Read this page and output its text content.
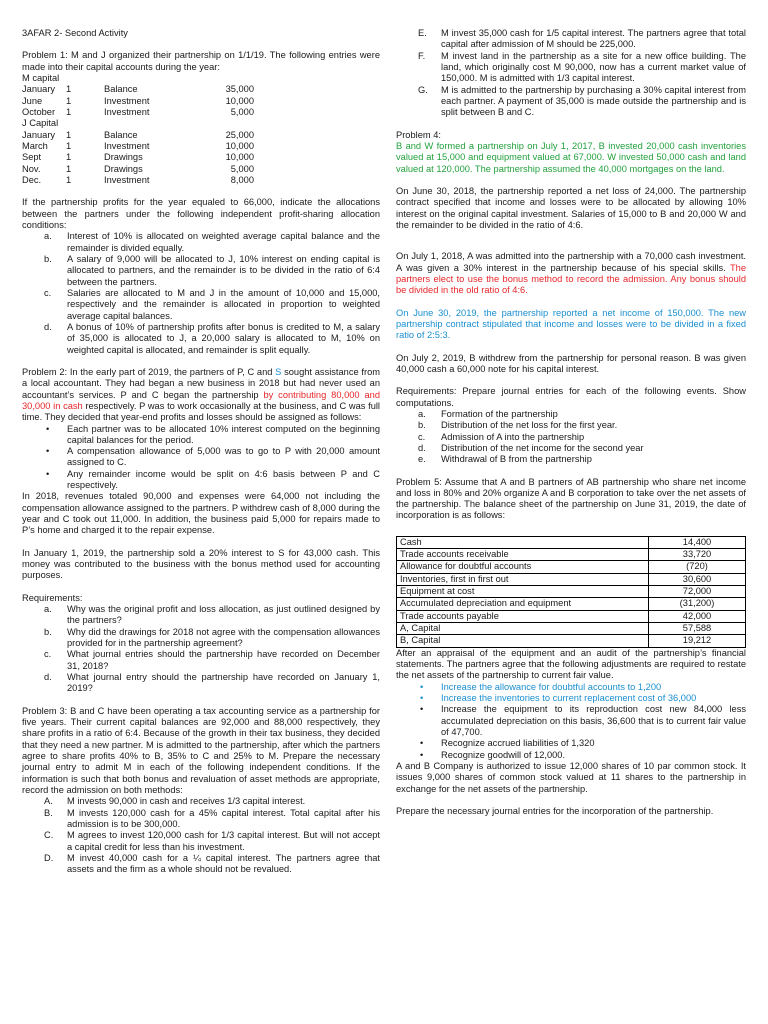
3AFAR 2- Second Activity

Problem 1: M and J organized their partnership on 1/1/19. The following entries were made into their capital accounts during the year:

M capital
January	1	Balance	35,000
June	1	Investment	10,000
October	1	Investment	5,000
J Capital
January	1	Balance	25,000
March	1	Investment	10,000
Sept	1	Drawings	10,000
Nov.	1	Drawings	5,000
Dec.	1	Investment	8,000

If the partnership profits for the year equaled to 66,000, indicate the allocations between the partners under the following independent profit-sharing allocation conditions:

a. Interest of 10% is allocated on weighted average capital balance and the remainder is divided equally.
b. A salary of 9,000 will be allocated to J, 10% interest on ending capital is allocated to partners, and the remainder is to be divided in the ratio of 6:4 between the partners.
c. Salaries are allocated to M and J in the amount of 10,000 and 15,000, respectively and the remainder is allocated in proportion to weighted average capital balances.
d. A bonus of 10% of partnership profits after bonus is credited to M, a salary of 35,000 is allocated to J, a 20,000 salary is allocated to M, 10% on weighted capital is allocated, and remainder is split equally.

Problem 2: In the early part of 2019, the partners of P, C and S sought assistance from a local accountant. They had began a new business in 2018 but had never used an accountant’s services. P and C began the partnership by contributing 80,000 and 30,000 in cash respectively. P was to work occasionally at the business, and C was full time. They decided that year-end profits and losses should be assigned as follows:

• Each partner was to be allocated 10% interest computed on the beginning capital balances for the period.
• A compensation allowance of 5,000 was to go to P with 20,000 amount assigned to C.
• Any remainder income would be split on 4:6 basis between P and C respectively.

In 2018, revenues totaled 90,000 and expenses were 64,000 not including the compensation allowance assigned to the partners. P withdrew cash of 8,000 during the year and C took out 11,000. In addition, the business paid 5,000 for repairs made to P’s home and charged it to the repair expense.

In January 1, 2019, the partnership sold a 20% interest to S for 43,000 cash. This money was contributed to the business with the bonus method used for accounting purposes.

Requirements:

a. Why was the original profit and loss allocation, as just outlined designed by the partners?
b. Why did the drawings for 2018 not agree with the compensation allowances provided for in the partnership agreement?
c. What journal entries should the partnership have recorded on December 31, 2018?
d. What journal entry should the partnership have recorded on January 1, 2019?

Problem 3: B and C have been operating a tax accounting service as a partnership for five years. Their current capital balances are 92,000 and 88,000 respectively, they share profits in a ratio of 6:4. Because of the growth in their tax business, they decided that they need a new partner. M is admitted to the partnership, after which the partners agree to share profits 40% to B, 35% to C and 25% to M. Prepare the necessary journal entry to admit M in each of the following independent conditions. If the information is such that both bonus and revaluation of asset methods are appropriate, record the admission on both methods:

A. M invests 90,000 in cash and receives 1/3 capital interest.
B. M invests 120,000 cash for a 45% capital interest. Total capital after his admission is to be 300,000.
C. M agrees to invest 120,000 cash for 1/3 capital interest. But will not accept a capital credit for less than his investment.
D. M invest 40,000 cash for a ¼ capital interest. The partners agree that assets and the firm as a whole should not be revalued.
E. M invest 35,000 cash for 1/5 capital interest. The partners agree that total capital after admission of M should be 225,000.
F. M invest land in the partnership as a site for a new office building. The land, which originally cost M 90,000, now has a current market value of 150,000. M is admitted with 1/3 capital interest.
G. M is admitted to the partnership by purchasing a 30% capital interest from each partner. A payment of 35,000 is made outside the partnership and is split between B and C.

Problem 4:

B and W formed a partnership on July 1, 2017, B invested 20,000 cash inventories valued at 15,000 and equipment valued at 67,000. W invested 50,000 cash and land valued at 120,000. The partnership assumed the 40,000 mortgages on the land.

On June 30, 2018, the partnership reported a net loss of 24,000. The partnership contract specified that income and losses were to be allocated by allowing 10% interest on the original capital investment. Salaries of 15,000 to B and 20,000 W and the remainder to be divided in the ratio of 4:6.

On July 1, 2018, A was admitted into the partnership with a 70,000 cash investment. A was given a 30% interest in the partnership because of his special skills. The partners elect to use the bonus method to record the admission. Any bonus should be divided in the old ratio of 4:6.

On June 30, 2019, the partnership reported a net income of 150,000. The new partnership contract stipulated that income and losses were to be divided in a fixed ratio of 2:5:3.

On July 2, 2019, B withdrew from the partnership for personal reason. B was given 40,000 cash a 60,000 note for his capital interest.

Requirements: Prepare journal entries for each of the following events. Show computations.

a. Formation of the partnership
b. Distribution of the net loss for the first year.
c. Admission of A into the partnership
d. Distribution of the net income for the second year
e. Withdrawal of B from the partnership

Problem 5: Assume that A and B partners of AB partnership who share net income and loss in 80% and 20% organize A and B corporation to take over the net assets of the partnership. The balance sheet of the partnership on June 31, 2019, the date of incorporation is as follows:

Cash	14,400
Trade accounts receivable	33,720
Allowance for doubtful accounts	(720)
Inventories, first in first out	30,600
Equipment at cost	72,000
Accumulated depreciation and equipment	(31,200)
Trade accounts payable	42,000
A, Capital	57,588
B, Capital	19,212

After an appraisal of the equipment and an audit of the partnership’s financial statements. The partners agree that the following adjustments are required to restate the net assets of the partnership to current fair value.

• Increase the allowance for doubtful accounts to 1,200
• Increase the inventories to current replacement cost of 36,000
• Increase the equipment to its reproduction cost new 84,000 less accumulated depreciation on this basis, 36,600 that is to current fair value of 47,700.
• Recognize accrued liabilities of 1,320
• Recognize goodwill of 12,000.

A and B Company is authorized to issue 12,000 shares of 10 par common stock. It issues 9,000 shares of common stock valued at 11 shares to the partnership in exchange for the net assets of the partnership.

Prepare the necessary journal entries for the incorporation of the partnership.
